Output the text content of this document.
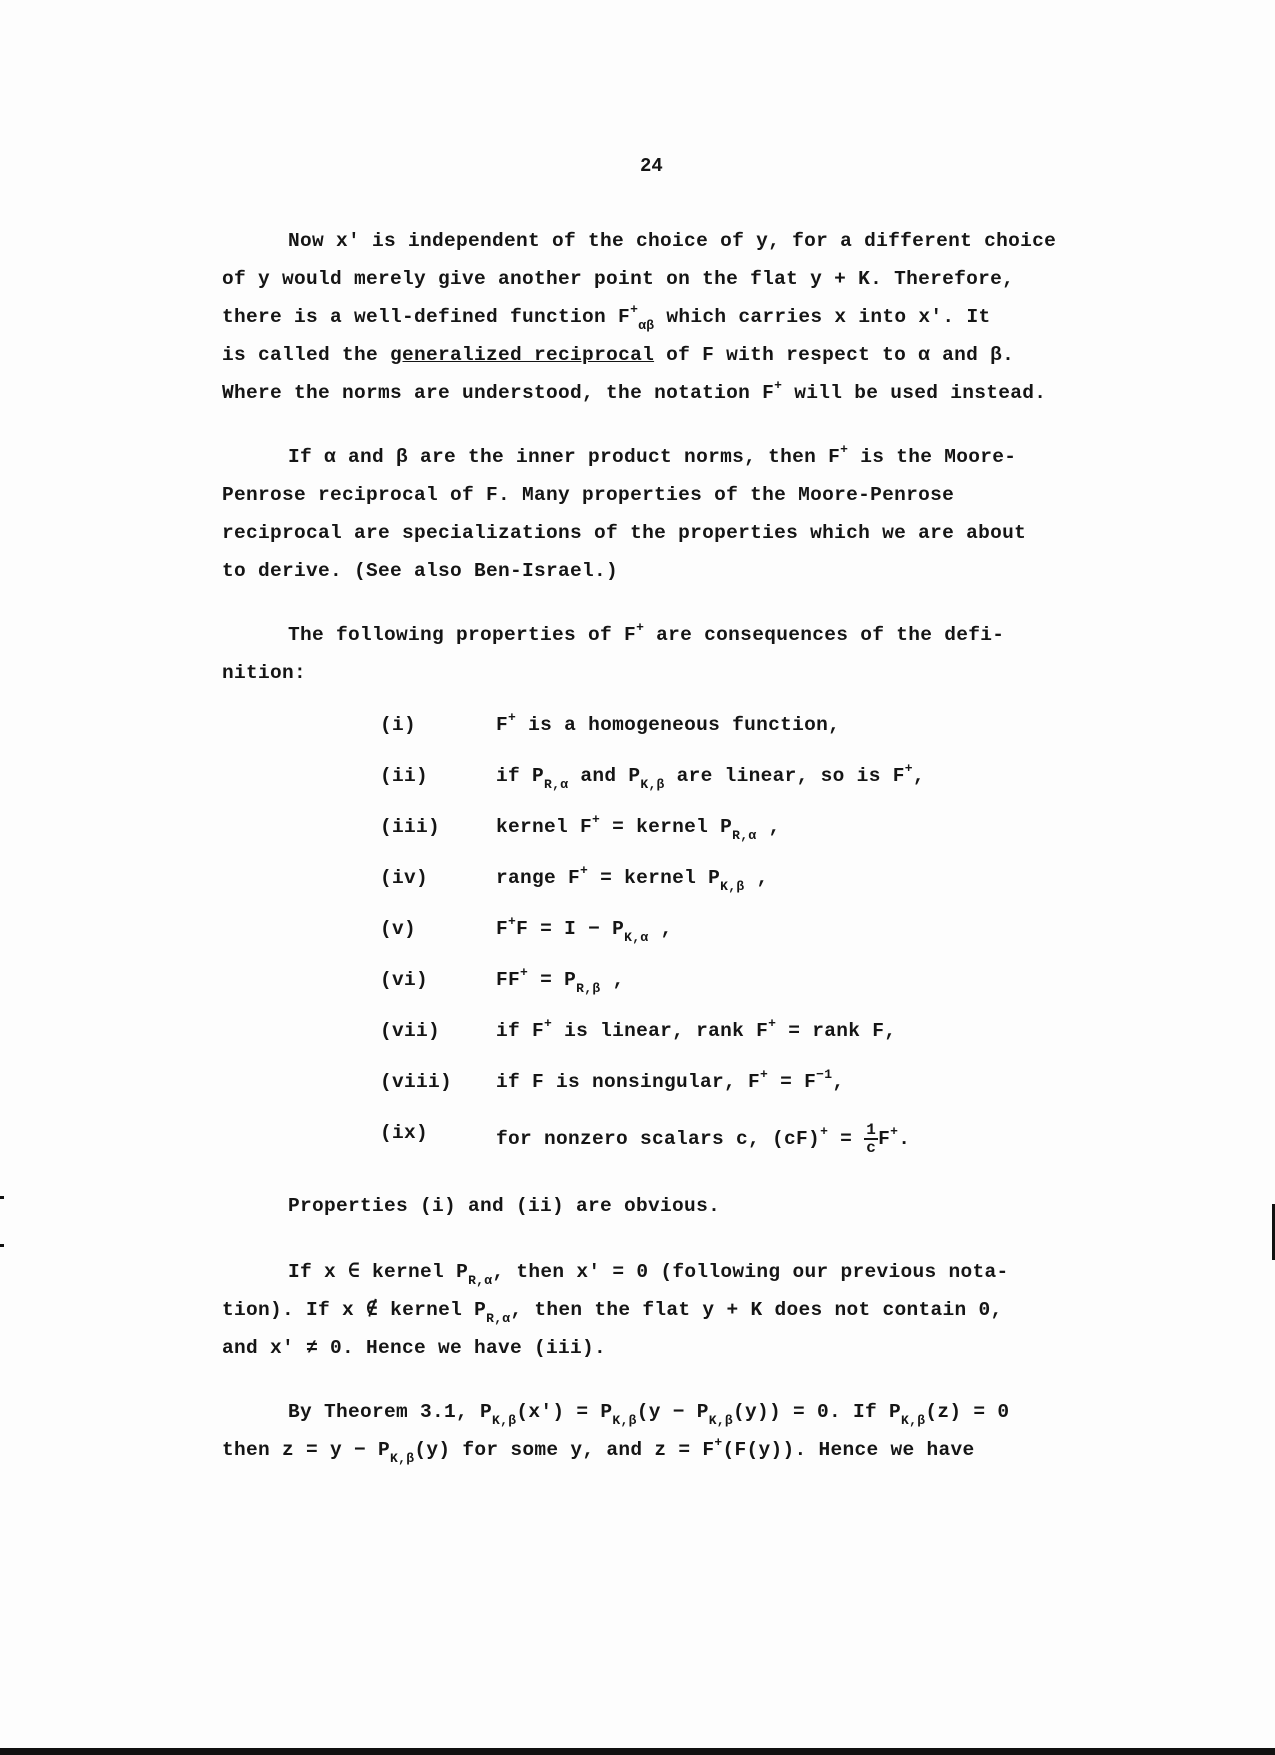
24
Now x' is independent of the choice of y, for a different choice
of y would merely give another point on the flat y + K. Therefore,
there is a well-defined function $F^+_{\alpha\beta}$ which carries x into x'. It
is called the generalized reciprocal of F with respect to α and β.
Where the norms are understood, the notation F+ will be used instead.
If α and β are the inner product norms, then F+ is the Moore-
Penrose reciprocal of F. Many properties of the Moore-Penrose
reciprocal are specializations of the properties which we are about
to derive. (See also Ben-Israel.)
The following properties of F+ are consequences of the defi-
nition:
(i)	F+ is a homogeneous function,
(ii)	if $P_{R,\alpha}$ and $P_{K,\beta}$ are linear, so is F+,
(iii)	kernel F+ = kernel $P_{R,\alpha}$ ,
(iv)	range F+ = kernel $P_{K,\beta}$ ,
(v)	$F^+F = I - P_{K,\alpha}$ ,
(vi)	$FF^+ = P_{R,\beta}$ ,
(vii)	if F+ is linear, rank F+ = rank F,
(viii)	if F is nonsingular, $F^+ = F^{-1}$,
(ix)	for nonzero scalars c, $(cF)^+ = \frac{1}{c} F^+$.
Properties (i) and (ii) are obvious.
If x ∈ kernel $P_{R,\alpha}$, then x' = 0 (following our previous nota-
tion). If x ∉ kernel $P_{R,\alpha}$, then the flat y + K does not contain 0,
and x' ≠ 0. Hence we have (iii).
By Theorem 3.1, $P_{K,\beta}(x') = P_{K,\beta}(y - P_{K,\beta}(y)) = 0$. If $P_{K,\beta}(z) = 0$
then $z = y - P_{K,\beta}(y)$ for some y, and z = F+(F(y)). Hence we have
